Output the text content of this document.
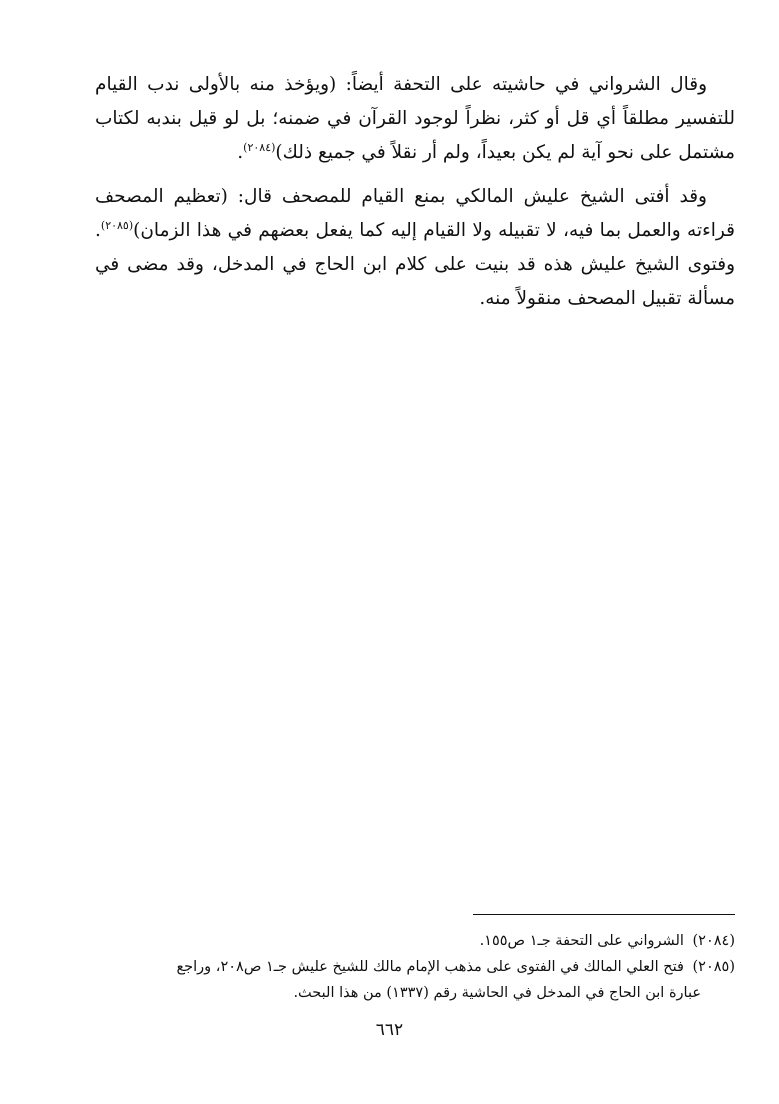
وقال الشرواني في حاشيته على التحفة أيضاً: (ويؤخذ منه بالأولى ندب القيام للتفسير مطلقاً أي قل أو كثر، نظراً لوجود القرآن في ضمنه؛ بل لو قيل بندبه لكتاب مشتمل على نحو آية لم يكن بعيداً، ولم أر نقلاً في جميع ذلك)$^{(٢٠٨٤)}$.

وقد أفتى الشيخ عليش المالكي بمنع القيام للمصحف قال: (تعظيم المصحف قراءته والعمل بما فيه، لا تقبيله ولا القيام إليه كما يفعل بعضهم في هذا الزمان)$^{(٢٠٨٥)}$. وفتوى الشيخ عليش هذه قد بنيت على كلام ابن الحاج في المدخل، وقد مضى في مسألة تقبيل المصحف منقولاً منه.

(٢٠٨٤) الشرواني على التحفة جـ١ ص١٥٥.

(٢٠٨٥) فتح العلي المالك في الفتوى على مذهب الإمام مالك للشيخ عليش جـ١ ص٢٠٨، وراجع
عبارة ابن الحاج في المدخل في الحاشية رقم (١٣٣٧) من هذا البحث.

٦٦٢
